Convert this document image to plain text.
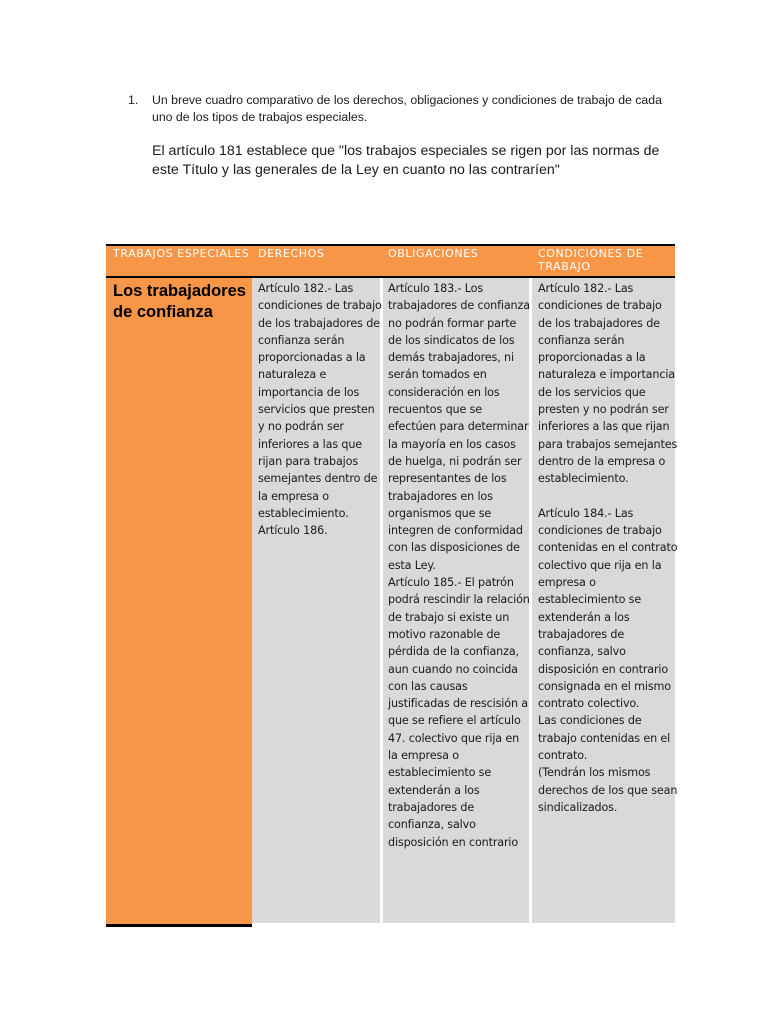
1. Un breve cuadro comparativo de los derechos, obligaciones y condiciones de trabajo de cada uno de los tipos de trabajos especiales.
El artículo 181 establece que "los trabajos especiales se rigen por las normas de este Título y las generales de la Ley en cuanto no las contraríen"
TRABAJOS ESPECIALES DERECHOS	OBLIGACIONES	CONDICIONES DE TRABAJO
Los trabajadores de confianza

Artículo 182.- Las condiciones de trabajo de los trabajadores de confianza serán proporcionadas a la naturaleza e importancia de los servicios que presten y no podrán ser inferiores a las que rijan para trabajos semejantes dentro de la empresa o establecimiento. Artículo 186.

Artículo 183.- Los trabajadores de confianza no podrán formar parte de los sindicatos de los demás trabajadores, ni serán tomados en consideración en los recuentos que se efectúen para determinar la mayoría en los casos de huelga, ni podrán ser representantes de los trabajadores en los organismos que se integren de conformidad con las disposiciones de esta Ley.

Artículo 185.- El patrón podrá rescindir la relación de trabajo si existe un motivo razonable de pérdida de la confianza, aun cuando no coincida con las causas justificadas de rescisión a que se refiere el artículo 47. colectivo que rija en la empresa o establecimiento se extenderán a los trabajadores de confianza, salvo disposición en contrario

Artículo 182.- Las condiciones de trabajo de los trabajadores de confianza serán proporcionadas a la naturaleza e importancia de los servicios que presten y no podrán ser inferiores a las que rijan para trabajos semejantes dentro de la empresa o establecimiento.

Artículo 184.- Las condiciones de trabajo contenidas en el contrato colectivo que rija en la empresa o establecimiento se extenderán a los trabajadores de confianza, salvo disposición en contrario consignada en el mismo contrato colectivo.

Las condiciones de trabajo contenidas en el contrato.

(Tendrán los mismos derechos de los que sean sindicalizados.
